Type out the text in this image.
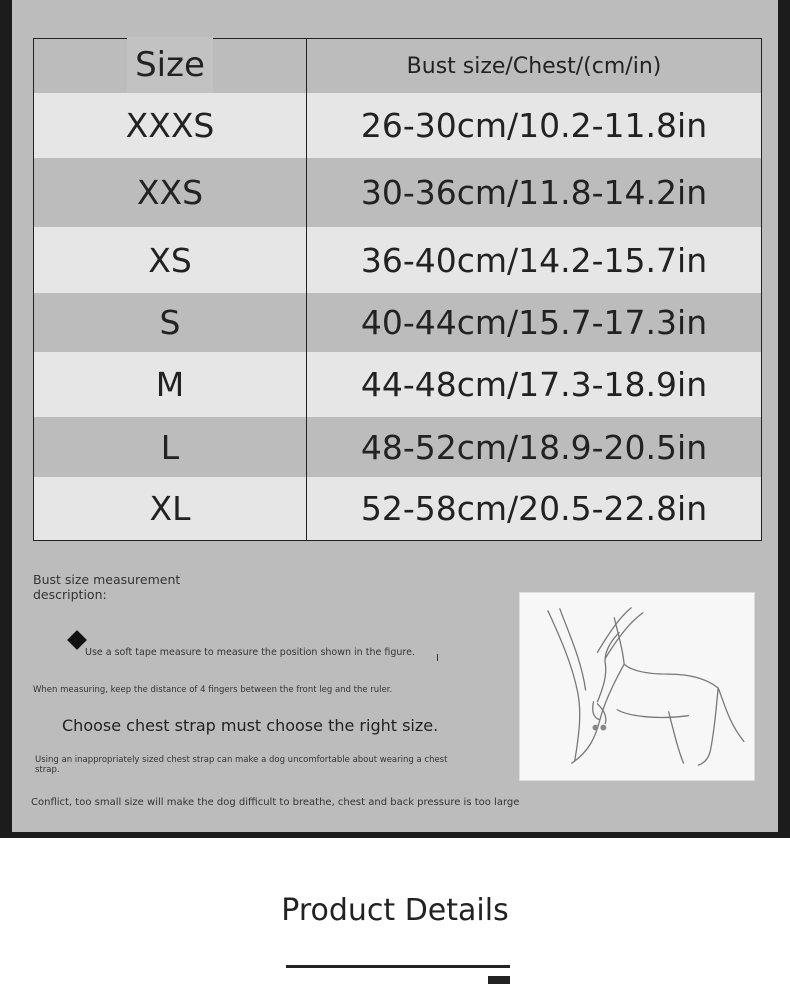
Size	Bust size/Chest/(cm/in)
XXXS	26-30cm/10.2-11.8in
XXS	30-36cm/11.8-14.2in
XS	36-40cm/14.2-15.7in
S	40-44cm/15.7-17.3in
M	44-48cm/17.3-18.9in
L	48-52cm/18.9-20.5in
XL	52-58cm/20.5-22.8in
Bust size measurement description:
Use a soft tape measure to measure the position shown in the figure.
When measuring, keep the distance of 4 fingers between the front leg and the ruler.
Choose chest strap must choose the right size.
Using an inappropriately sized chest strap can make a dog uncomfortable about wearing a chest strap.
Conflict, too small size will make the dog difficult to breathe, chest and back pressure is too large
Product Details
